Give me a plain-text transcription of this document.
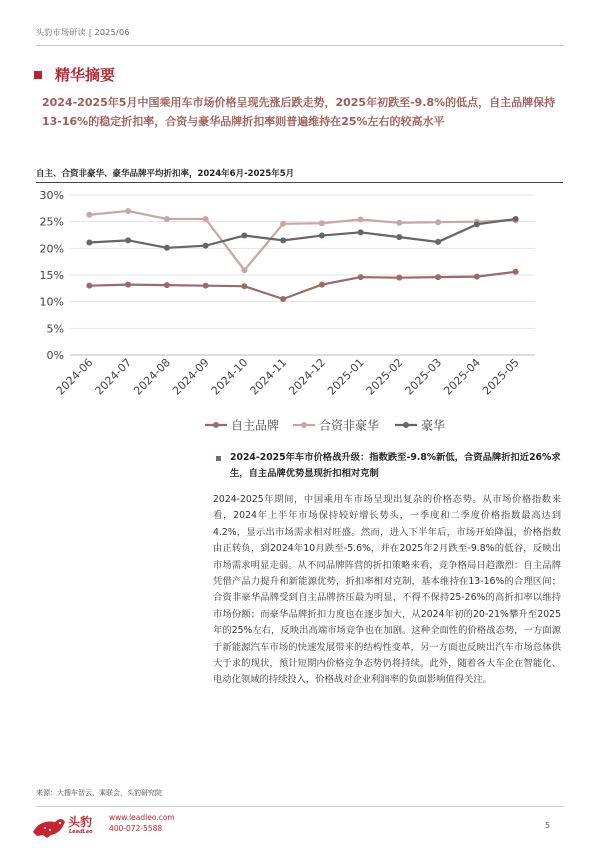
头豹市场研读 | 2025/06
精华摘要
2024-2025年5月中国乘用车市场价格呈现先涨后跌走势，2025年初跌至-9.8%的低点，自主品牌保持13-16%的稳定折扣率，合资与豪华品牌折扣率则普遍维持在25%左右的较高水平
自主、合资非豪华、豪华品牌平均折扣率，2024年6月-2025年5月
0%
5%
10%
15%
20%
25%
30%
2024-06
2024-07
2024-08
2024-09
2024-10
2024-11
2024-12
2025-01
2025-02
2025-03
2025-04
2025-05
自主品牌	合资非豪华	豪华
2024-2025年车市价格战升级：指数跌至-9.8%新低，合资品牌折扣近26%求生，自主品牌优势显现折扣相对克制
2024-2025年期间，中国乘用车市场呈现出复杂的价格态势。从市场价格指数来看，2024年上半年市场保持较好增长势头，一季度和二季度价格指数最高达到4.2%，显示出市场需求相对旺盛。然而，进入下半年后，市场开始降温，价格指数由正转负，到2024年10月跌至-5.6%，并在2025年2月跌至-9.8%的低谷，反映出市场需求明显走弱。从不同品牌阵营的折扣策略来看，竞争格局日趋激烈：自主品牌凭借产品力提升和新能源优势，折扣率相对克制，基本维持在13-16%的合理区间；合资非豪华品牌受到自主品牌挤压最为明显，不得不保持25-26%的高折扣率以维持市场份额；而豪华品牌折扣力度也在逐步加大，从2024年初的20-21%攀升至2025年的25%左右，反映出高端市场竞争也在加剧。这种全面性的价格战态势，一方面源于新能源汽车市场的快速发展带来的结构性变革，另一方面也反映出汽车市场总体供大于求的现状，预计短期内价格竞争态势仍将持续。此外，随着各大车企在智能化、电动化领域的持续投入，价格战对企业利润率的负面影响值得关注。
来源：大搜车智云，乘联会，头豹研究院
头豹
LeadLeo
www.leadleo.com
400-072-5588	5
